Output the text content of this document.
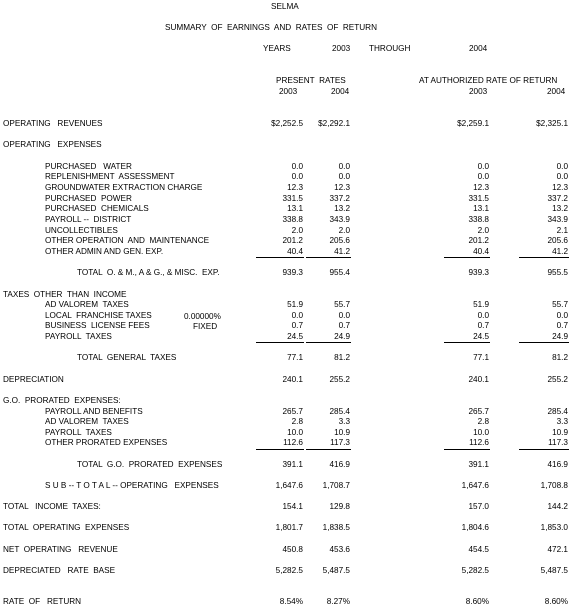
SELMA
SUMMARY  OF  EARNINGS  AND  RATES  OF  RETURN
YEARS	2003 THROUGH	2004
PRESENT  RATES	AT AUTHORIZED RATE OF RETURN
2003	2004	2003	2004
0.00000%
FIXED
OPERATING   REVENUES	$2,252.5 $2,292.1	$2,259.1	$2,325.1
OPERATING   EXPENSES
PURCHASED   WATER	0.0	0.0	0.0	0.0
REPLENISHMENT  ASSESSMENT	0.0	0.0	0.0	0.0
GROUNDWATER EXTRACTION CHARGE	12.3	12.3	12.3	12.3
PURCHASED  POWER	331.5	337.2	331.5	337.2
PURCHASED  CHEMICALS	13.1	13.2	13.1	13.2
PAYROLL --  DISTRICT	338.8	343.9	338.8	343.9
UNCOLLECTIBLES	2.0	2.0	2.0	2.1
OTHER OPERATION  AND  MAINTENANCE	201.2	205.6	201.2	205.6
OTHER ADMIN AND GEN. EXP.	40.4	41.2	40.4	41.2
TOTAL  O. & M., A & G., & MISC.  EXP.	939.3	955.4	939.3	955.5
TAXES  OTHER  THAN  INCOME
AD VALOREM  TAXES	51.9	55.7	51.9	55.7
LOCAL  FRANCHISE TAXES	0.0	0.0	0.0	0.0
BUSINESS  LICENSE FEES	0.7	0.7	0.7	0.7
PAYROLL  TAXES	24.5	24.9	24.5	24.9
TOTAL  GENERAL  TAXES	77.1	81.2	77.1	81.2
DEPRECIATION	240.1	255.2	240.1	255.2
G.O.  PRORATED  EXPENSES:
PAYROLL AND BENEFITS	265.7	285.4	265.7	285.4
AD VALOREM  TAXES	2.8	3.3	2.8	3.3
PAYROLL  TAXES	10.0	10.9	10.0	10.9
OTHER PRORATED EXPENSES	112.6	117.3	112.6	117.3
TOTAL  G.O.  PRORATED  EXPENSES	391.1	416.9	391.1	416.9
S U B -- T O T A L -- OPERATING   EXPENSES	1,647.6 1,708.7	1,647.6	1,708.8
TOTAL   INCOME  TAXES:	154.1	129.8	157.0	144.2
TOTAL  OPERATING  EXPENSES	1,801.7 1,838.5	1,804.6	1,853.0
NET  OPERATING   REVENUE	450.8	453.6	454.5	472.1
DEPRECIATED   RATE  BASE	5,282.5 5,487.5	5,282.5	5,487.5
RATE  OF   RETURN	8.54%	8.27%	8.60%	8.60%
